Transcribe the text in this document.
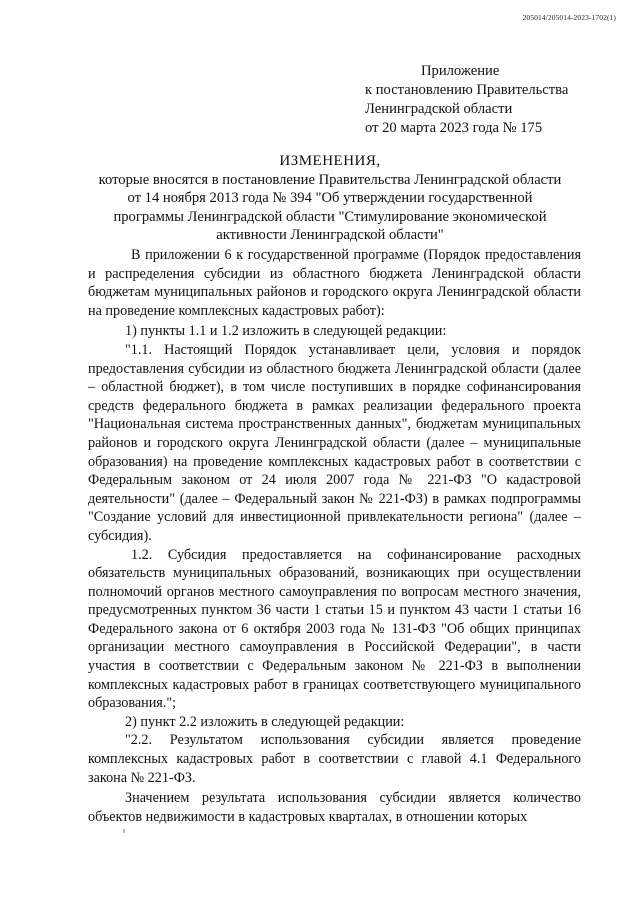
205014/205014-2023-1702(1)
Приложение
к постановлению Правительства
Ленинградской области
от 20 марта 2023 года № 175
ИЗМЕНЕНИЯ,
которые вносятся в постановление Правительства Ленинградской области
от 14 ноября 2013 года № 394 "Об утверждении государственной
программы Ленинградской области "Стимулирование экономической
активности Ленинградской области"

В приложении 6 к государственной программе (Порядок предоставления и распределения субсидии из областного бюджета Ленинградской области бюджетам муниципальных районов и городского округа Ленинградской области на проведение комплексных кадастровых работ):

1) пункты 1.1 и 1.2 изложить в следующей редакции:

"1.1. Настоящий Порядок устанавливает цели, условия и порядок предоставления субсидии из областного бюджета Ленинградской области (далее – областной бюджет), в том числе поступивших в порядке софинансирования средств федерального бюджета в рамках реализации федерального проекта "Национальная система пространственных данных", бюджетам муниципальных районов и городского округа Ленинградской области (далее – муниципальные образования) на проведение комплексных кадастровых работ в соответствии с Федеральным законом от 24 июля 2007 года № 221-ФЗ "О кадастровой деятельности" (далее – Федеральный закон № 221-ФЗ) в рамках подпрограммы "Создание условий для инвестиционной привлекательности региона" (далее – субсидия).

1.2. Субсидия предоставляется на софинансирование расходных обязательств муниципальных образований, возникающих при осуществлении полномочий органов местного самоуправления по вопросам местного значения, предусмотренных пунктом 36 части 1 статьи 15 и пунктом 43 части 1 статьи 16 Федерального закона от 6 октября 2003 года № 131-ФЗ "Об общих принципах организации местного самоуправления в Российской Федерации", в части участия в соответствии с Федеральным законом № 221-ФЗ в выполнении комплексных кадастровых работ в границах соответствующего муниципального образования.";

2) пункт 2.2 изложить в следующей редакции:

"2.2. Результатом использования субсидии является проведение комплексных кадастровых работ в соответствии с главой 4.1 Федерального закона № 221-ФЗ.

Значением результата использования субсидии является количество объектов недвижимости в кадастровых кварталах, в отношении которых
